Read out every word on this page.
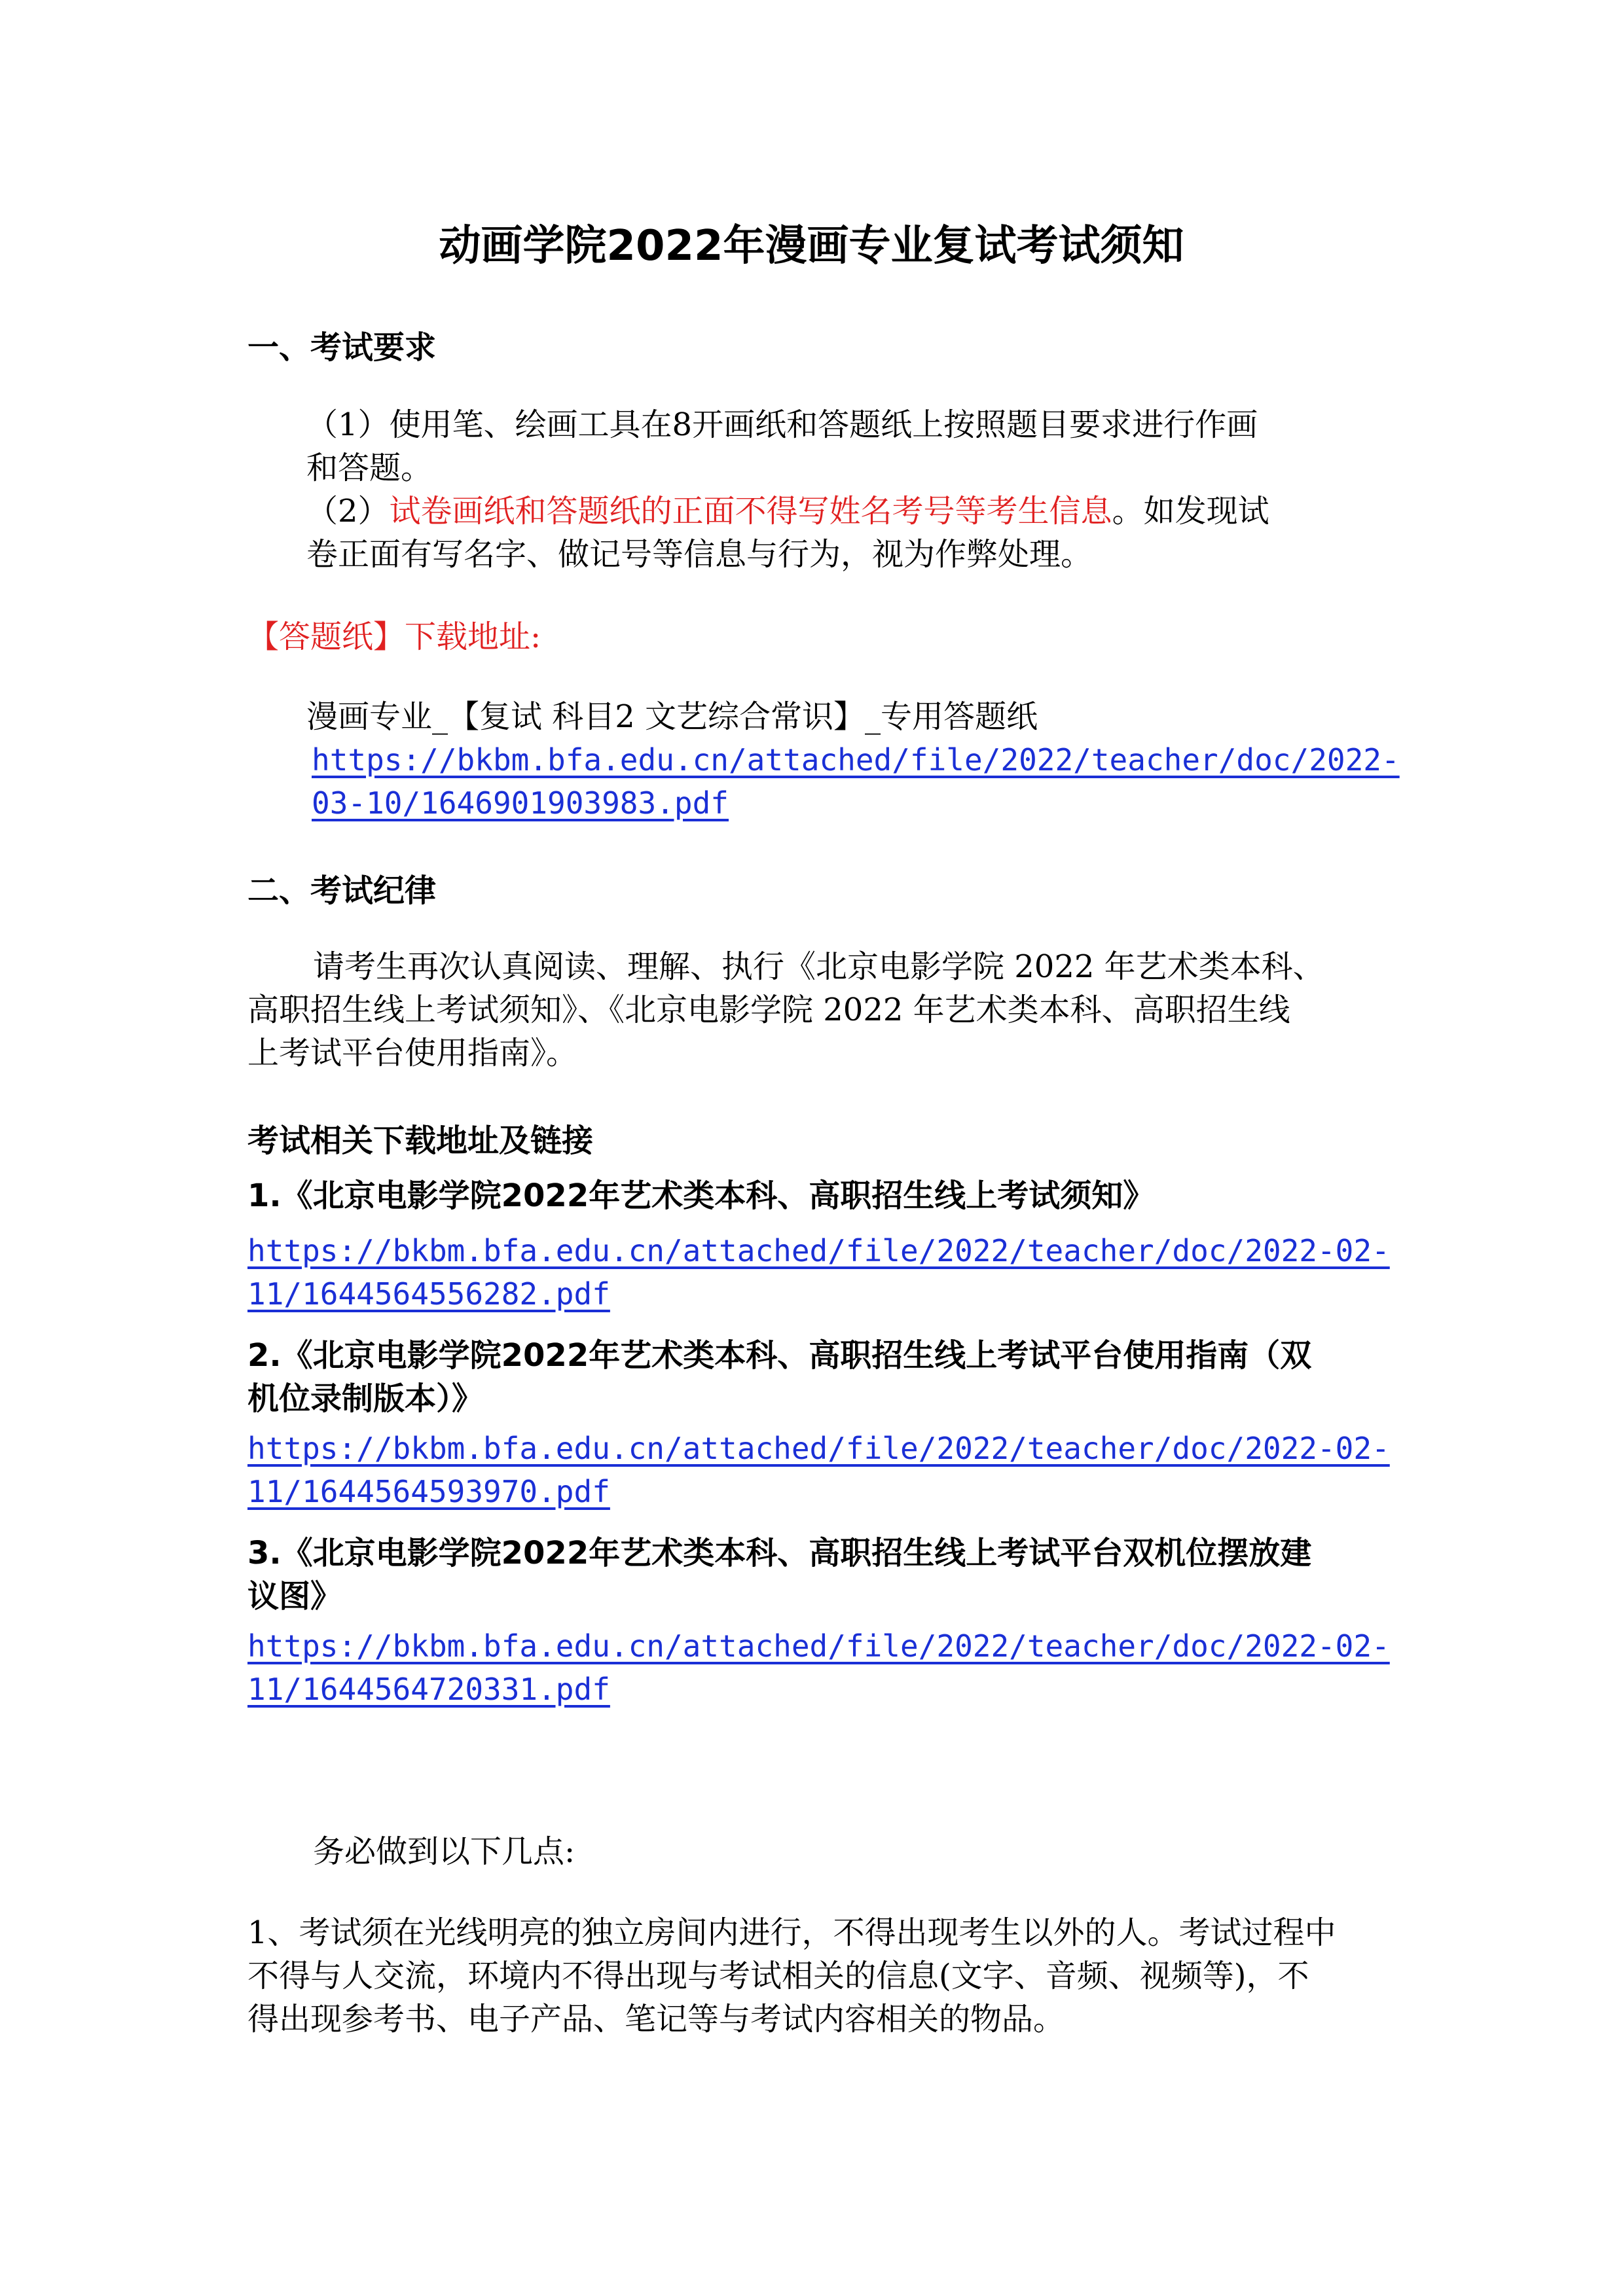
动画学院2022年漫画专业复试考试须知
一、考试要求
（1）使用笔、绘画工具在8开画纸和答题纸上按照题目要求进行作画
和答题。
（2）试卷画纸和答题纸的正面不得写姓名考号等考生信息。如发现试
卷正面有写名字、做记号等信息与行为，视为作弊处理。
【答题纸】下载地址:
漫画专业_【复试 科目2 文艺综合常识】_专用答题纸
https://bkbm.bfa.edu.cn/attached/file/2022/teacher/doc/2022-
03-10/1646901903983.pdf
二、考试纪律
请考生再次认真阅读、理解、执行《北京电影学院 2022 年艺术类本科、
高职招生线上考试须知》、《北京电影学院 2022 年艺术类本科、高职招生线
上考试平台使用指南》。
考试相关下载地址及链接
1.《北京电影学院2022年艺术类本科、高职招生线上考试须知》
https://bkbm.bfa.edu.cn/attached/file/2022/teacher/doc/2022-02-
11/1644564556282.pdf
2.《北京电影学院2022年艺术类本科、高职招生线上考试平台使用指南（双
机位录制版本）》
https://bkbm.bfa.edu.cn/attached/file/2022/teacher/doc/2022-02-
11/1644564593970.pdf
3.《北京电影学院2022年艺术类本科、高职招生线上考试平台双机位摆放建
议图》
https://bkbm.bfa.edu.cn/attached/file/2022/teacher/doc/2022-02-
11/1644564720331.pdf
务必做到以下几点:
1、考试须在光线明亮的独立房间内进行，不得出现考生以外的人。考试过程中
不得与人交流，环境内不得出现与考试相关的信息(文字、音频、视频等)，不
得出现参考书、电子产品、笔记等与考试内容相关的物品。
